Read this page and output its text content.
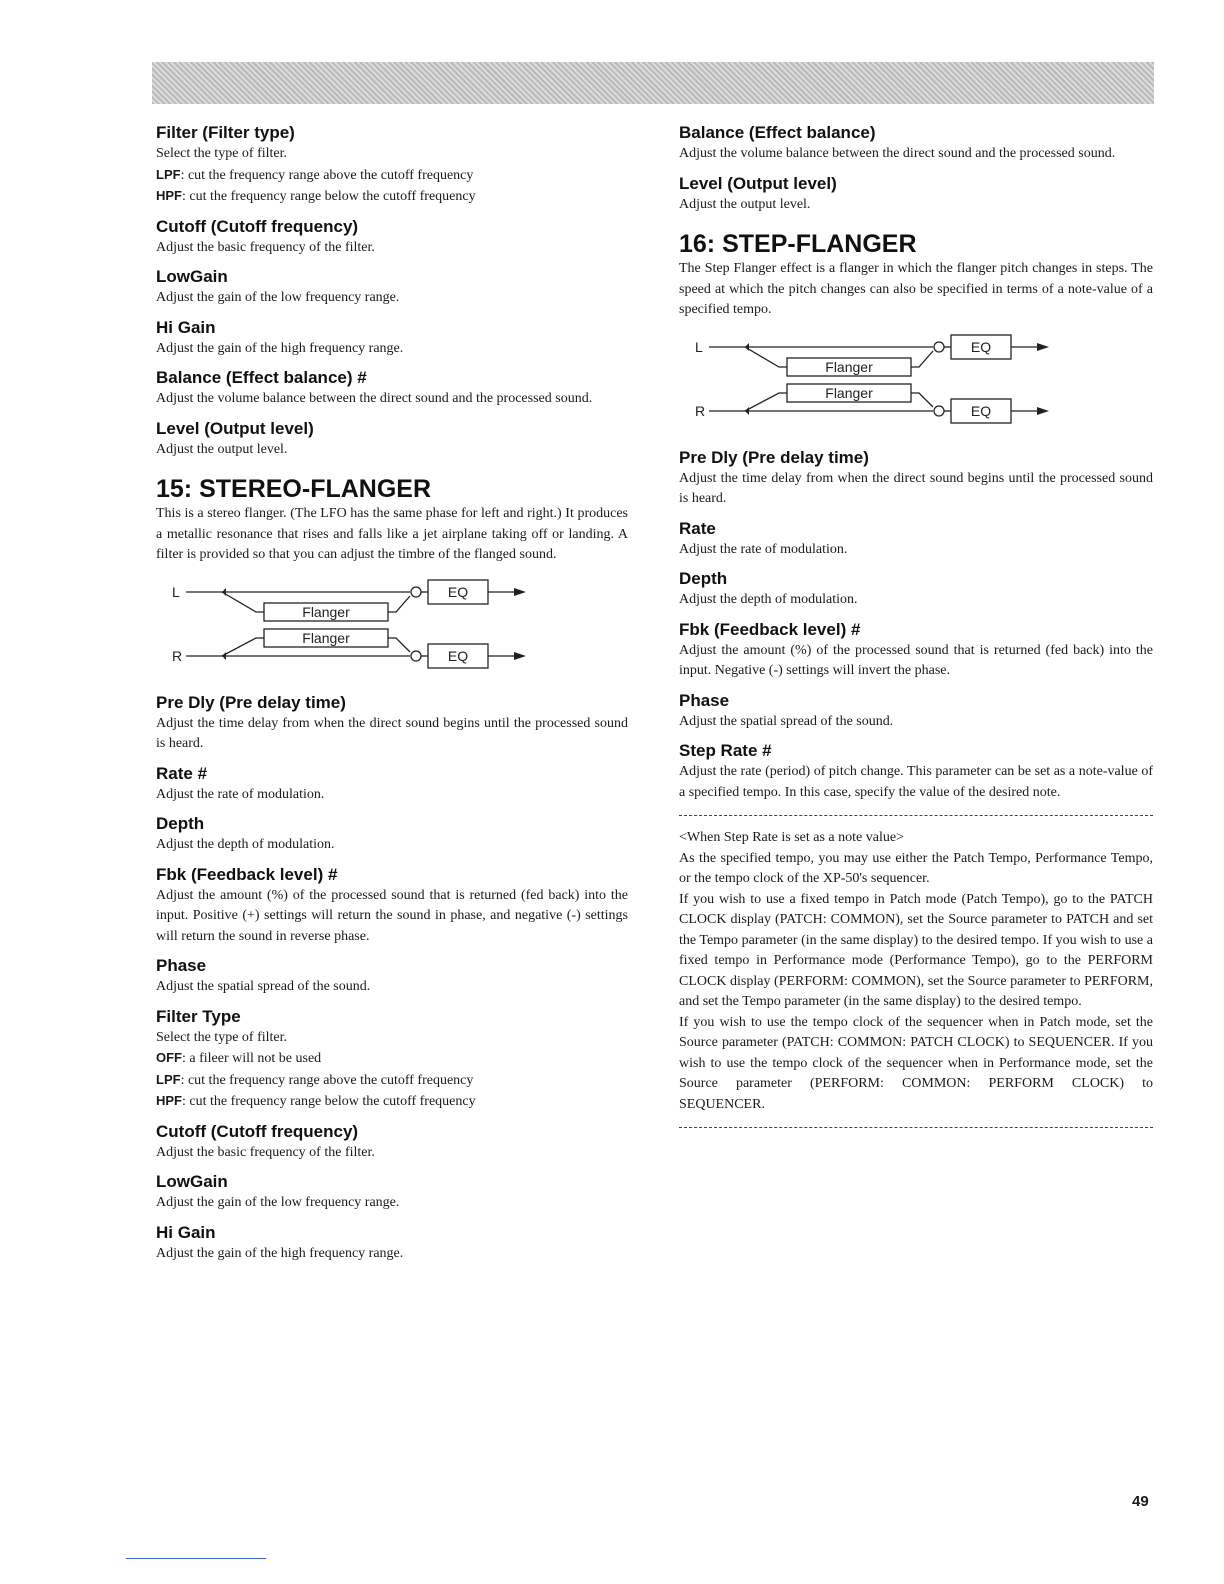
Filter (Filter type)

Select the type of filter.

LPF: cut the frequency range above the cutoff frequency

HPF: cut the frequency range below the cutoff frequency

Cutoff (Cutoff frequency)

Adjust the basic frequency of the filter.

LowGain

Adjust the gain of the low frequency range.

Hi Gain

Adjust the gain of the high frequency range.

Balance (Effect balance) #

Adjust the volume balance between the direct sound and the processed sound.

Level (Output level)

Adjust the output level.

15: STEREO-FLANGER

This is a stereo flanger. (The LFO has the same phase for left and right.) It produces a metallic resonance that rises and falls like a jet airplane taking off or landing. A filter is provided so that you can adjust the timbre of the flanged sound.

L
R
Flanger
Flanger
EQ
EQ
Pre Dly (Pre delay time)

Adjust the time delay from when the direct sound begins until the processed sound is heard.

Rate #

Adjust the rate of modulation.

Depth

Adjust the depth of modulation.

Fbk (Feedback level) #

Adjust the amount (%) of the processed sound that is returned (fed back) into the input. Positive (+) settings will return the sound in phase, and negative (-) settings will return the sound in reverse phase.

Phase

Adjust the spatial spread of the sound.

Filter Type

Select the type of filter.

OFF: a fileer will not be used

LPF: cut the frequency range above the cutoff frequency

HPF: cut the frequency range below the cutoff frequency

Cutoff (Cutoff frequency)

Adjust the basic frequency of the filter.

LowGain

Adjust the gain of the low frequency range.

Hi Gain

Adjust the gain of the high frequency range.

Balance (Effect balance)

Adjust the volume balance between the direct sound and the processed sound.

Level (Output level)

Adjust the output level.

16: STEP-FLANGER

The Step Flanger effect is a flanger in which the flanger pitch changes in steps. The speed at which the pitch changes can also be specified in terms of a note-value of a specified tempo.

L
R
Flanger
Flanger
EQ
EQ
Pre Dly (Pre delay time)

Adjust the time delay from when the direct sound begins until the processed sound is heard.

Rate

Adjust the rate of modulation.

Depth

Adjust the depth of modulation.

Fbk (Feedback level) #

Adjust the amount (%) of the processed sound that is returned (fed back) into the input. Negative (-) settings will invert the phase.

Phase

Adjust the spatial spread of the sound.

Step Rate #

Adjust the rate (period) of pitch change. This parameter can be set as a note-value of a specified tempo. In this case, specify the value of the desired note.

<When Step Rate is set as a note value>

As the specified tempo, you may use either the Patch Tempo, Performance Tempo, or the tempo clock of the XP-50's sequencer.

If you wish to use a fixed tempo in Patch mode (Patch Tempo), go to the PATCH CLOCK display (PATCH: COMMON), set the Source parameter to PATCH and set the Tempo parameter (in the same display) to the desired tempo. If you wish to use a fixed tempo in Performance mode (Performance Tempo), go to the PERFORM CLOCK display (PERFORM: COMMON), set the Source parameter to PERFORM, and set the Tempo parameter (in the same display) to the desired tempo.

If you wish to use the tempo clock of the sequencer when in Patch mode, set the Source parameter (PATCH: COMMON: PATCH CLOCK) to SEQUENCER. If you wish to use the tempo clock of the sequencer when in Performance mode, set the Source parameter (PERFORM: COMMON: PERFORM CLOCK) to SEQUENCER.

49
